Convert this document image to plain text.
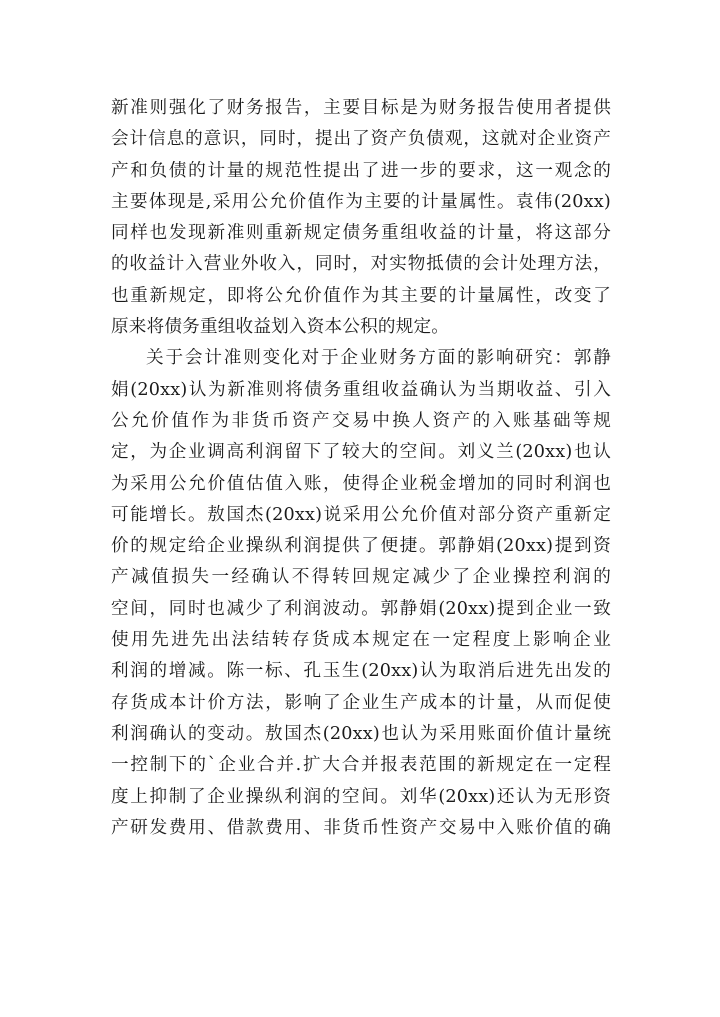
新准则强化了财务报告，主要目标是为财务报告使用者提供
会计信息的意识，同时，提出了资产负债观，这就对企业资产
产和负债的计量的规范性提出了进一步的要求，这一观念的
主要体现是,采用公允价值作为主要的计量属性。袁伟(20xx)
同样也发现新准则重新规定债务重组收益的计量，将这部分
的收益计入营业外收入，同时，对实物抵债的会计处理方法，
也重新规定，即将公允价值作为其主要的计量属性，改变了
原来将债务重组收益划入资本公积的规定。
关于会计准则变化对于企业财务方面的影响研究：郭静
娟(20xx)认为新准则将债务重组收益确认为当期收益、引入
公允价值作为非货币资产交易中换人资产的入账基础等规
定，为企业调高利润留下了较大的空间。刘义兰(20xx)也认
为采用公允价值估值入账，使得企业税金增加的同时利润也
可能增长。敖国杰(20xx)说采用公允价值对部分资产重新定
价的规定给企业操纵利润提供了便捷。郭静娟(20xx)提到资
产减值损失一经确认不得转回规定减少了企业操控利润的
空间，同时也减少了利润波动。郭静娟(20xx)提到企业一致
使用先进先出法结转存货成本规定在一定程度上影响企业
利润的增减。陈一标、孔玉生(20xx)认为取消后进先出发的
存货成本计价方法，影响了企业生产成本的计量，从而促使
利润确认的变动。敖国杰(20xx)也认为采用账面价值计量统
一控制下的`企业合并.扩大合并报表范围的新规定在一定程
度上抑制了企业操纵利润的空间。刘华(20xx)还认为无形资
产研发费用、借款费用、非货币性资产交易中入账价值的确
